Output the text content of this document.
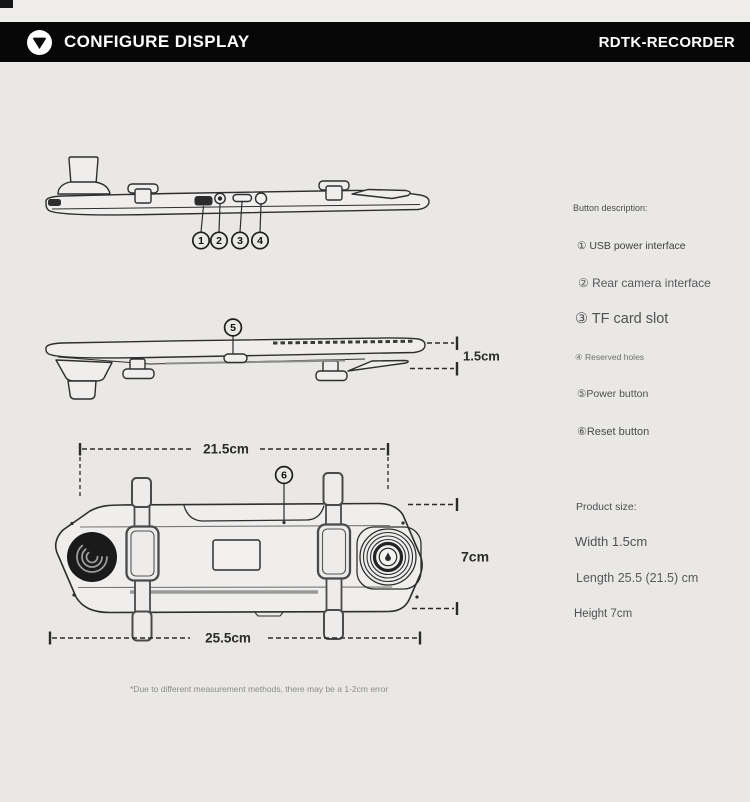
CONFIGURE DISPLAY	RDTK-RECORDER
1 2 3 4
5
1.5cm
21.5cm
6
7cm
25.5cm
Button description:
① USB power interface
② Rear camera interface
③ TF card slot
④ Reserved holes
⑤Power button
⑥Reset button
Product size:
Width 1.5cm
Length 25.5 (21.5) cm
Height 7cm
*Due to different measurement methods, there may be a 1-2cm error
